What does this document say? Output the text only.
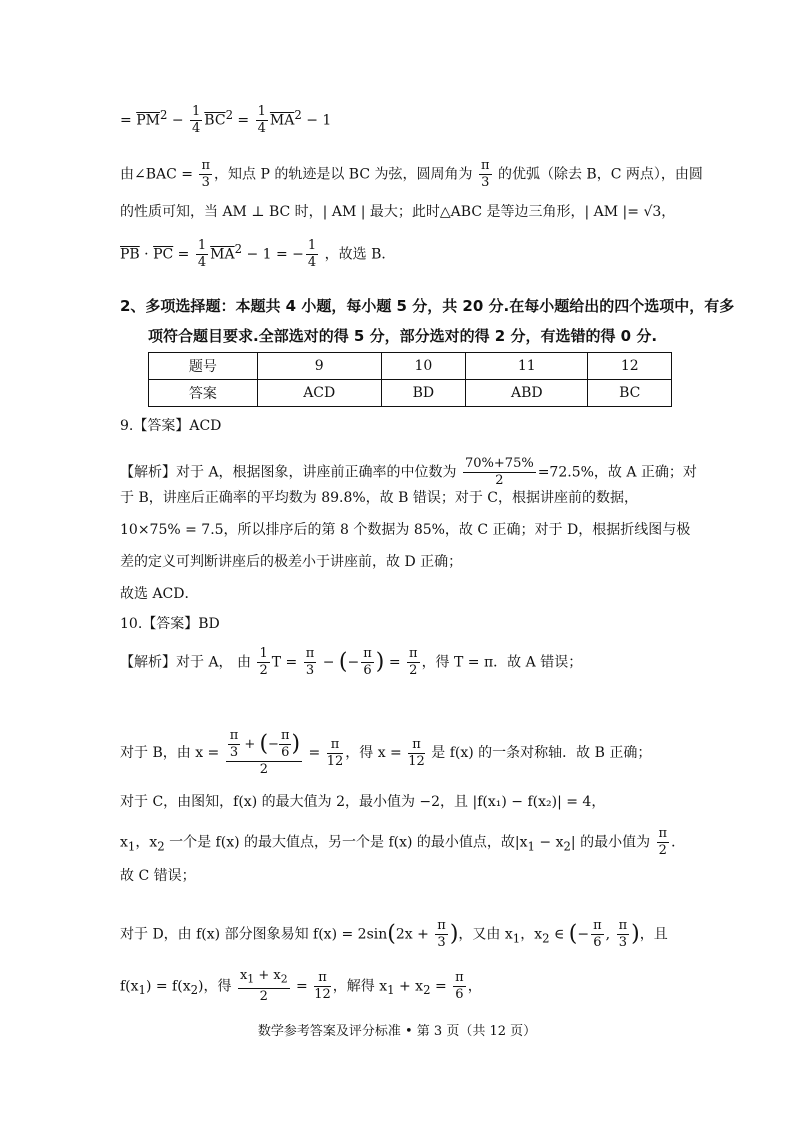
= $\overline{PM}^2 - \frac{1}{4} \overline{BC}^2 = \frac{1}{4} \overline{MA}^2 - 1$
由∠BAC = $\frac{\pi}{3}$ ，知点 P 的轨迹是以 BC 为弦，圆周角为 $\frac{\pi}{3}$ 的优弧（除去 B，C 两点），由圆
的性质可知，当 AM ⊥ BC 时，| AM | 最大；此时△ABC 是等边三角形，| AM |= √3，
$\overline{PB} \cdot \overline{PC} = \frac{1}{4} \overline{MA}^2 - 1$ = − $\frac{1}{4}$ ，故选 B．
2、多项选择题：本题共 4 小题，每小题 5 分，共 20 分.在每小题给出的四个选项中，有多
项符合题目要求.全部选对的得 5 分，部分选对的得 2 分，有选错的得 0 分.
题号	9	10	11	12
答案	ACD	BD	ABD	BC
9.【答案】ACD
【解析】对于 A，根据图象，讲座前正确率的中位数为 $\frac{70\%+75\%}{2} =72.5\%$，故 A 正确；对
于 B，讲座后正确率的平均数为 89.8%，故 B 错误；对于 C，根据讲座前的数据，
10×75% = 7.5，所以排序后的第 8 个数据为 85%，故 C 正确；对于 D，根据折线图与极
差的定义可判断讲座后的极差小于讲座前，故 D 正确；
故选 ACD．
10.【答案】BD
【解析】对于 A， 由 $\frac{1}{2}$ $T = \frac{\pi}{3}$ − (− $\frac{\pi}{6}$ ) = $\frac{\pi}{2}$ ，得 T = π．故 A 错误；
对于 B，由 $x = \frac{\frac{\pi}{3} + (- \frac{\pi}{6} )}{2} = \frac{\pi}{12}$ ，得 $x = \frac{\pi}{12}$ 是 f(x) 的一条对称轴．故 B 正确；
对于 C，由图知，f(x) 的最大值为 2，最小值为 −2，且 |f(x₁) − f(x₂)| = 4，
$x_1$，$x_2$ 一个是 f(x) 的最大值点，另一个是 f(x) 的最小值点，故$|x_1 - x_2|$ 的最小值为 $\frac{\pi}{2}$ ．
故 C 错误；
对于 D，由 f(x) 部分图象易知 $f(x) = 2\sin(2x + \frac{\pi}{3}$ )，又由 $x_1$，$x_2$ ∈ (− $\frac{\pi}{6}$ , $\frac{\pi}{3}$ )，且
$f(x_1) = f(x_2)$，得 $\frac{x_1 + x_2}{2} = \frac{\pi}{12}$ ，解得 $x_1 + x_2 = \frac{\pi}{6}$ ，
数学参考答案及评分标准 • 第 3 页（共 12 页）
